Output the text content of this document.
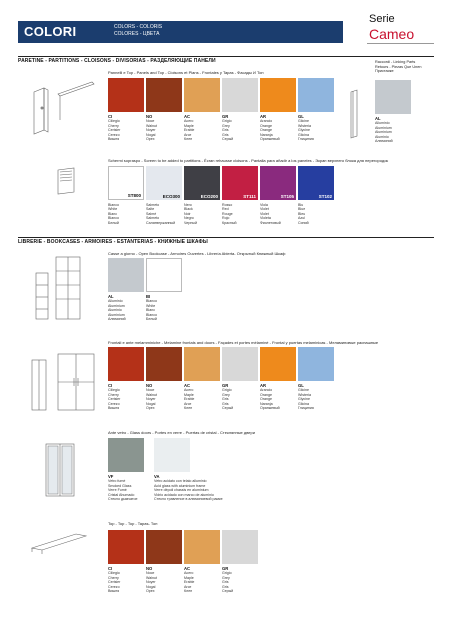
COLORI	COLORS - COLORIS
COLORES - ЦВЕТА
Serie
Cameo
PARETINE - PARTITIONS - CLOISONS - DIVISORIAS - РАЗДЕЛЯЮЩИЕ ПАНЕЛИ
Pannelli e Top - Panels and Top - Cloisons et Plans - Frontales y Tapas - Фасады И Топ
Raccordi - Linking Parts
Retours - Piezas Que Unen
Пристаике
AL
Alluminio
Aluminium
Aluminium
Aluminio
Алюминий
CI
Ciliegio
Cherry
Cerisier
Cerezo
Вишня
NO
Noce
Walnut
Noyer
Nogal
Орех
AC
Acero
Maple
Erable
Arce
Клен
GR
Grigio
Grey
Gris
Gris
Серый
AR
Arancio
Orange
Orange
Naranja
Оранжевый
GL
Glicine
Wisteria
Glycine
Glicina
Глициния
Schermi sopraspo - Screen to be added to partitions - Écran rehausse cloisons - Pantalla para añadir a los paneles - Экран верхнего блока для перегородок
ST800
Bianco
White
Blanc
Blanco
Белый
ECO300
Salmeto
Salte
Salmé
Salmeto
Салатвержанный
ECO200
Nero
Black
Noir
Negro
Черный
ST111
Rosso
Red
Rouge
Rojo
Красный
ST105
Viola
Violet
Violet
Violeta
Фиолетовый
ST102
Blu
Blue
Bleu
Azul
Синий
LIBRERIE - BOOKCASES - ARMOIRES - ESTANTERIAS - КНИЖНЫЕ ШКАФЫ
Casse a giorno - Open Bookcase - Armoires Ouvertes - Librería Abierta- Открытый Книжный Шкаф
AL
Alluminio
Aluminium
Aluminio
Aluminium
Алюминий
BI
Bianco
White
Blanc
Blanco
Белый
Frontali e ante melamminiche - Melamine frontals and doors - Façades et portes mélaminé - Frontal y puertas melaminicas - Меламиновые распашные
CI
Ciliegio
Cherry
Cerisier
Cerezo
Вишня
NO
Noce
Walnut
Noyer
Nogal
Орех
AC
Acero
Maple
Erable
Arce
Клен
GR
Grigio
Grey
Gris
Gris
Серый
AR
Arancio
Orange
Orange
Naranja
Оранжевый
GL
Glicine
Wisteria
Glycine
Glicina
Глициния
Ante vetro - Glass doors - Portes en verre - Puertas de cristal - Стеклянные двери
VF
Vetro fumé
Smoked Glass
Verre Fumé
Cristal Ahumado
Стекло дымчатое
VA
Vetro acidato con telaio alluminio
Acid glass with aluminium frame
Verre dépoli chassis en aluminium
Vidrio acidado con marco de aluminio
Стекло травленое в алюминиевой рамке
Top - Top - Top - Tapas- Топ
CI
Ciliegio
Cherry
Cerisier
Cerezo
Вишня
NO
Noce
Walnut
Noyer
Nogal
Орех
AC
Acero
Maple
Erable
Arce
Клен
GR
Grigio
Grey
Gris
Gris
Серый
